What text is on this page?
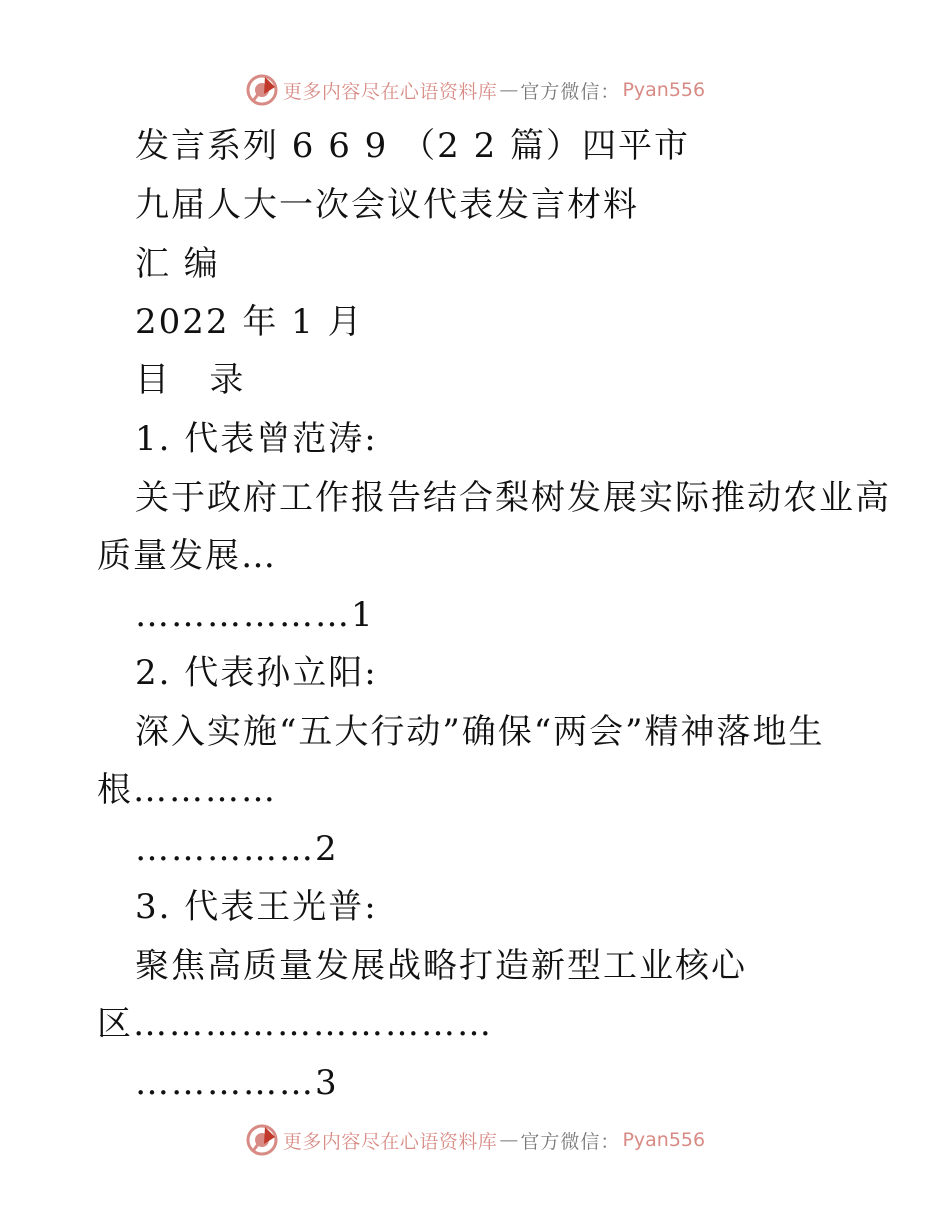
更多内容尽在心语资料库 — 官方微信： Pyan556
发言系列 6 6 9 （2 2 篇）四平市
九届人大一次会议代表发言材料
汇 编
2022 年 1 月
目   录
1. 代表曾范涛:
关于政府工作报告结合梨树发展实际推动农业高
质量发展…
………………1
2. 代表孙立阳:
深入实施“五大行动”确保“两会”精神落地生
根…………
……………2
3. 代表王光普:
聚焦高质量发展战略打造新型工业核心
区…………………………
……………3
更多内容尽在心语资料库 — 官方微信： Pyan556
